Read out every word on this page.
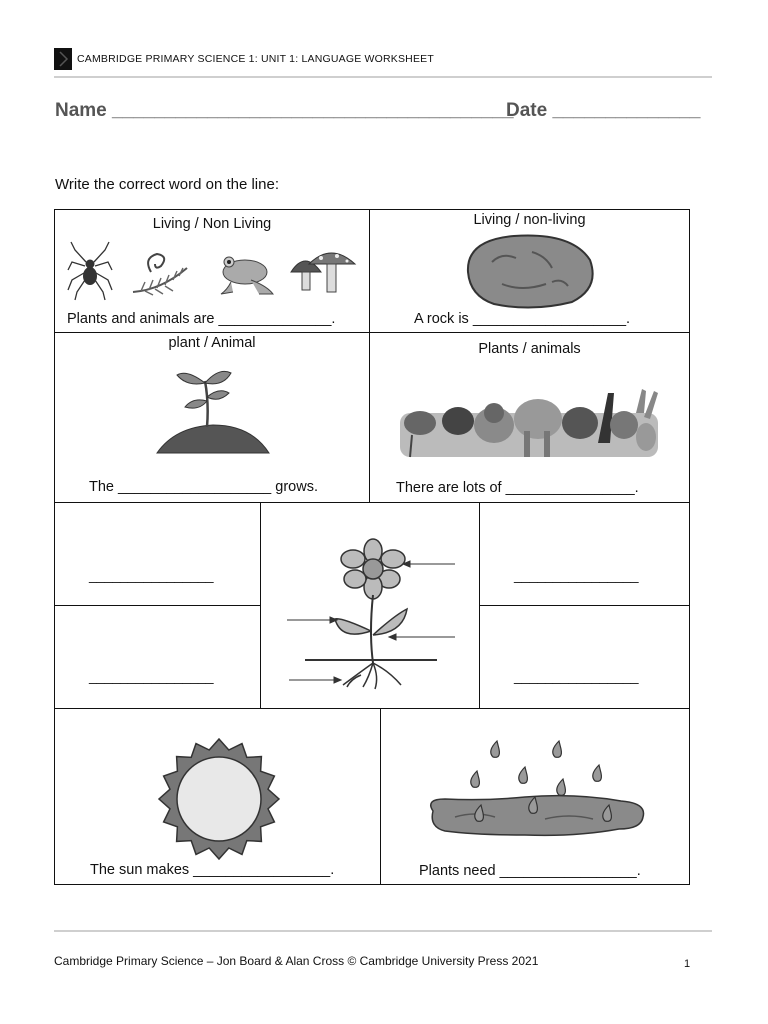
CAMBRIDGE PRIMARY SCIENCE 1: UNIT 1: LANGUAGE WORKSHEET
Name ______________________________________
Date ______________
Write the correct word on the line:
Living / Non Living
Plants and animals are ______________.
Living / non-living
A rock is ___________________.
plant / Animal
The ___________________ grows.
Plants / animals
There are lots of ________________.
________________
________________
________________
________________
The sun makes _________________.	Plants need _________________.
Cambridge Primary Science – Jon Board & Alan Cross © Cambridge University Press 2021	1
